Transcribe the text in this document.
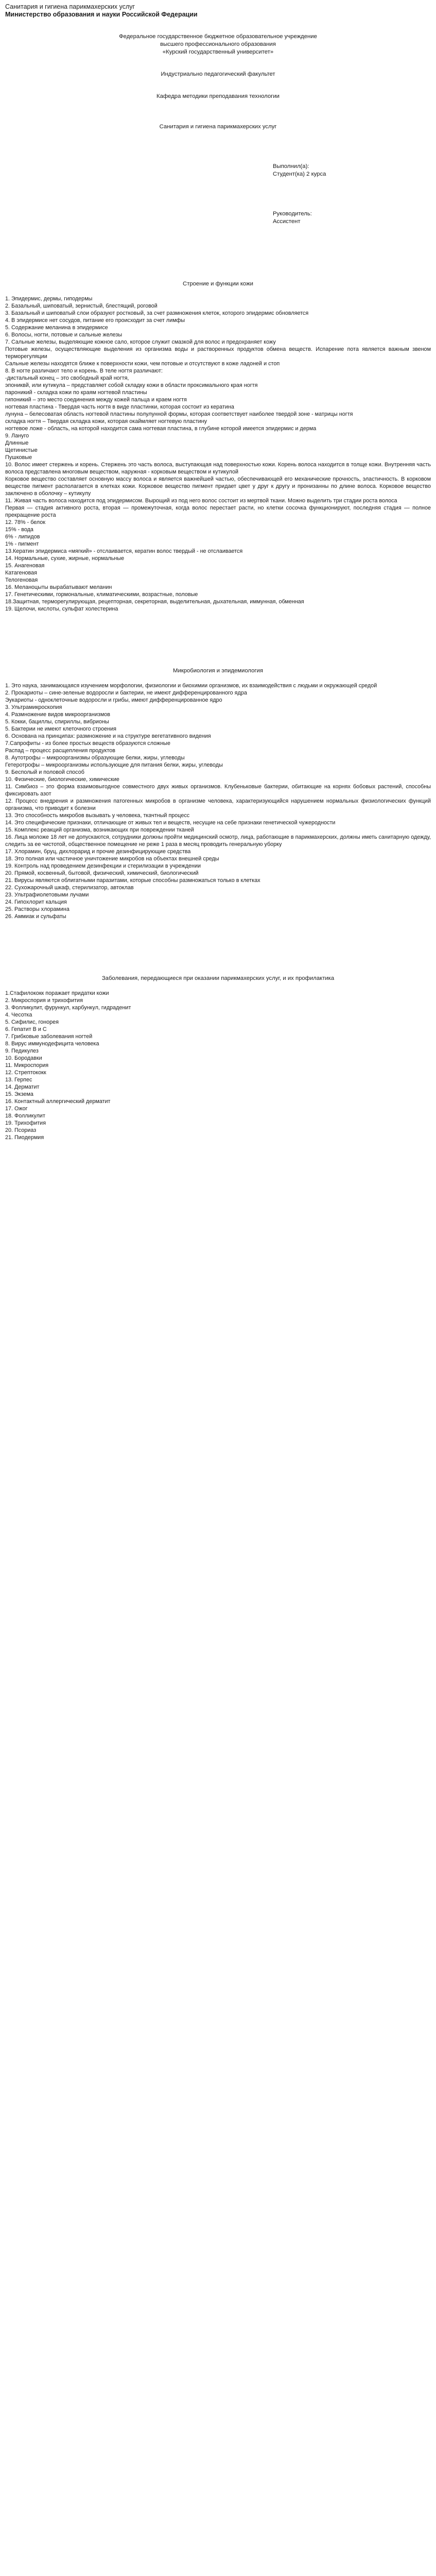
Санитария и гигиена парикмахерских услуг

Министерство образования и науки Российской Федерации

Федеральное государственное бюджетное образовательное учреждение

высшего профессионального образования

«Курский государственный университет»

Индустриально педагогический факультет

Кафедра методики преподавания технологии

Санитария и гигиена парикмахерских услуг

Выполнил(а):

Студент(ка) 2 курса

Руководитель:

Ассистент

Строение и функции кожи

1. Эпидермис, дермы, гиподермы

2. Базальный, шиповатый, зернистый, блестящий, роговой

3. Базальный и шиповатый слои образуют ростковый, за счет размножения клеток, которого эпидермис обновляется

4. В эпидермисе нет сосудов, питание его происходит за счет лимфы

5. Содержание меланина в эпидермисе

6. Волосы, ногти, потовые и сальные железы

7. Сальные железы, выделяющие кожное сало, которое служит смазкой для волос и предохраняет кожу

Потовые железы, осуществляющие выделения из организма воды и растворенных продуктов обмена веществ. Испарение пота является важным звеном терморегуляции

Сальные железы находятся ближе к поверхности кожи, чем потовые и отсутствуют в коже ладоней и стоп

8. В ногте различают тело и корень. В теле ногтя различают:

-дистальный конец – это свободный край ногтя,

эпониквй, или кутикула – представляет собой складку кожи в области проксимального края ногтя

пароникий - складка кожи по краям ногтевой пластины

гипоникий – это место соединения между кожей пальца и краем ногтя

ногтевая пластина - Твердая часть ногтя в виде пластинки, которая состоит из кератина

лунуна – белесоватая область ногтевой пластины полулунной формы, которая соответствует наиболее твердой зоне - матрицы ногтя

складка ногтя – Твердая складка кожи, которая окаймляет ногтевую пластину

ногтевое ложе - область, на которой находится сама ногтевая пластина, в глубине которой имеется эпидермис и дерма

9. Лануго

Длинные

Щетинистые

Пушковые

10. Волос имеет стержень и корень. Стержень это часть волоса, выступающая над поверхностью кожи. Корень волоса находится в толще кожи. Внутренняя часть волоса представлена многовым веществом, наружная - корковым веществом и кутикулой

Корковое вещество составляет основную массу волоса и является важнейшей частью, обеспечивающей его механические прочность, эластичность. В корковом веществе пигмент располагается в клетках кожи. Корковое вещество пигмент придает цвет у друг к другу и пронизанны по длине волоса. Корковое вещество заключено в оболочку – кутикулу

11. Живая часть волоса находится под эпидермисом. Вырощий из под него волос состоит из мертвой ткани. Можно выделить три стадии роста волоса

Первая — стадия активного роста, вторая — промежуточная, когда волос перестает расти, но клетки сосочка функционируют, последняя стадия — полное прекращение роста

12. 78% - белок

15% - вода

6% - липидов

1% - пигмент

13.Кератин эпидермиса «мягкий» - отслаивается, кератин волос твердый - не отслаивается

14. Нормальные, сухие, жирные, нормальные

15. Анагеновая

Катагеновая

Телогеновая

16. Меланоцыты вырабатывают меланин

17. Генетическими, гормональные, климатическими, возрастные, половые

18.Защитная, терморегулирующая, рецепторная, секреторная, выделительная, дыхательная, иммунная, обменная

19. Щелочи, кислоты, сульфат холестерина

Микробиология и эпидемиология

1. Это наука, занимающаяся изучением морфологии, физиологии и биохимии организмов, их взаимодействия с людьми и окружающей средой

2. Прокариоты – сине-зеленые водоросли и бактерии, не имеют дифференцированного ядра

Эукариоты - одноклеточные водоросли и грибы, имеют дифференцированное ядро

3. Ультрамикроскопия

4. Размножение видов микроорганизмов

5. Кокки, бациллы, спириллы, вибрионы

5. Бактерии не имеют клеточного строения

6. Основана на принципах: размножение и на структуре вегетативного видения

7.Сапрофиты - из более простых веществ образуются сложные

Распад – процесс расщепления продуктов

8. Аутотрофы – микроорганизмы образующие белки, жиры, углеводы

Гетеротрофы – микроорганизмы использующие для питания белки, жиры, углеводы

9. Бесполый и половой способ

10. Физические, биологические, химические

11. Симбиоз – это форма взаимовыгодное совместного двух живых организмов. Клубеньковые бактерии, обитающие на корнях бобовых растений, способны фиксировать азот

12. Процесс внедрения и размножения патогенных микробов в организме человека, характеризующийся нарушением нормальных физиологических функций организма, что приводит к болезни

13. Это способность микробов вызывать у человека, ткачтный процесс

14. Это специфические признаки, отличающие от живых тел и веществ, несущие на себе признаки генетической чужеродности

15. Комплекс реакций организма, возникающих при повреждении тканей

16. Лица моложе 18 лет не допускаются, сотрудники должны пройти медицинский осмотр, лица, работающие в парикмахерских, должны иметь санитарную одежду, следить за ее чистотой, общественное помещение не реже 1 раза в месяц проводить генеральную уборку

17. Хлорамин, бруц, дихлорарид и прочие дезинфицирующие средства

18. Это полная или частичное уничтожение микробов на объектах внешней среды

19. Контроль над проведением дезинфекции и стерилизации в учреждении

20. Прямой, косвенный, бытовой, физический, химический, биологический

21. Вирусы являются облигатными паразитами, которые способны размножаться только в клетках

22. Сухожарочный шкаф, стерилизатор, автоклав

23. Ультрафиолетовыми лучами

24. Гипохлорит кальция

25. Растворы хлорамина

26. Аммиак и сульфаты

Заболевания, передающиеся при оказании парикмахерских услуг, и их профилактика

1.Стафилококк поражает придатки кожи

2. Микроспория и трихофития

3. Фолликулит, фурункул, карбункул, гидраденит

4. Чесотка

5. Сифилис, гонорея

6. Гепатит В и С

7. Грибковые заболевания ногтей

8. Вирус иммунодефицита человека

9. Педикулез

10. Бородавки

11. Микроспория

12. Стрептококк

13. Герпес

14. Дерматит

15. Экзема

16. Контактный аллергический дерматит

17. Ожог

18. Фолликулит

19. Трихофития

20. Псориаз

21. Пиодермия
